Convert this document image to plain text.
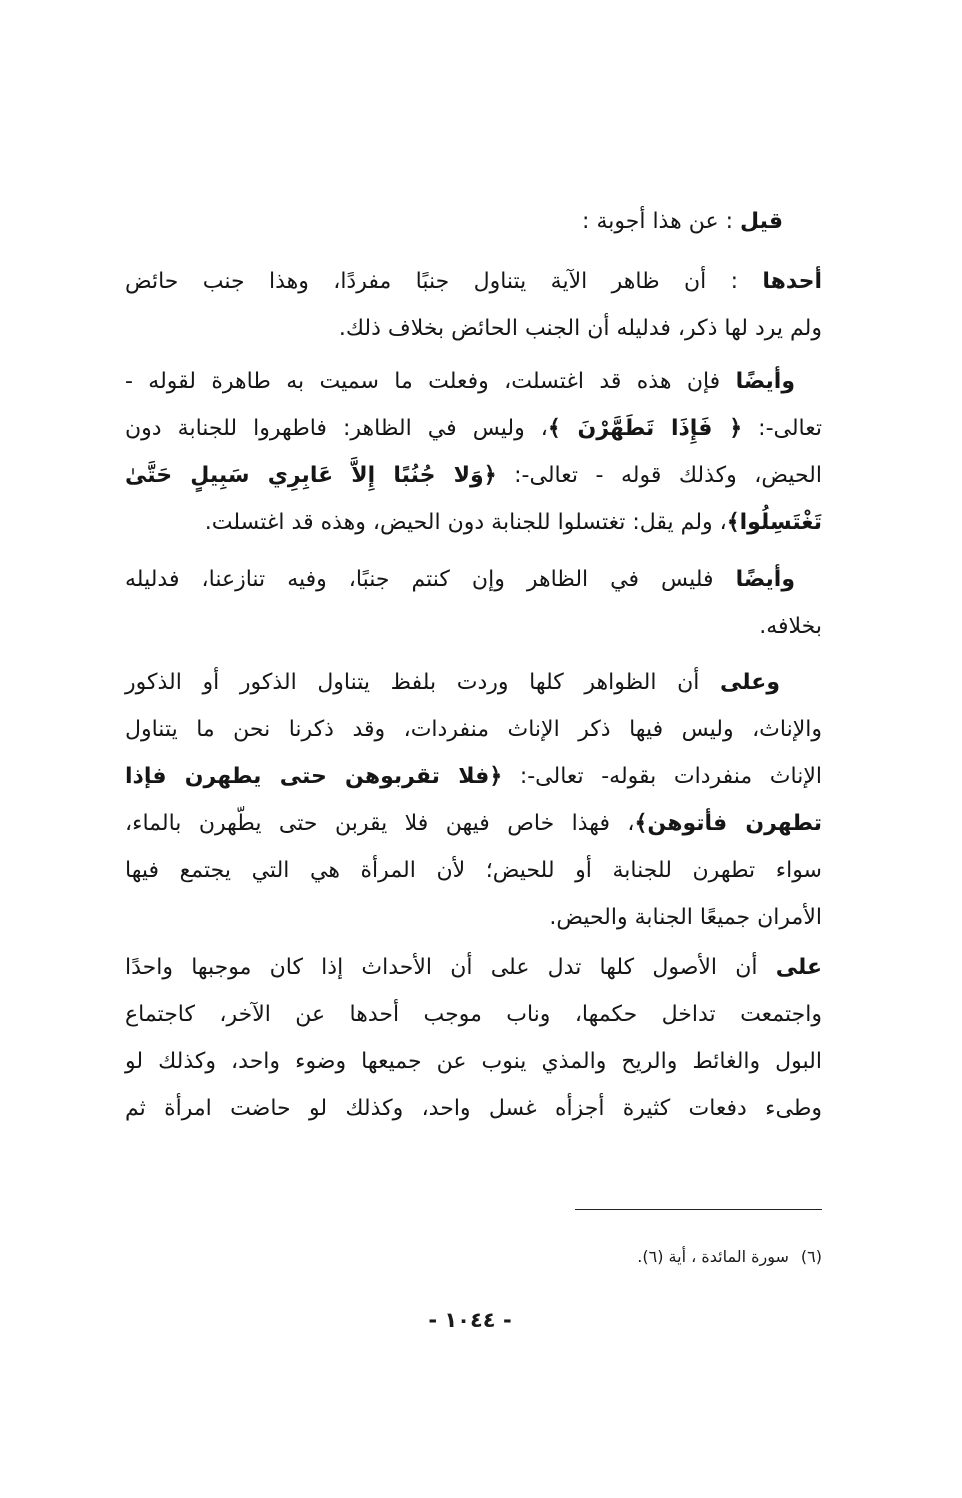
قيل : عن هذا أجوبة :
أحدها : أن ظاهر الآية يتناول جنبًا مفردًا، وهذا جنب حائض
ولم يرد لها ذكر، فدليله أن الجنب الحائض بخلاف ذلك.
وأيضًا فإن هذه قد اغتسلت، وفعلت ما سميت به طاهرة لقوله -
تعالى-: ﴿ فَإِذَا تَطَهَّرْنَ ﴾، وليس في الظاهر: فاطهروا للجنابة دون
الحيض، وكذلك قوله - تعالى-: ﴿وَلا جُنُبًا إِلاَّ عَابِرِي سَبِيلٍ حَتَّىٰ
تَغْتَسِلُوا﴾، ولم يقل: تغتسلوا للجنابة دون الحيض، وهذه قد اغتسلت.
وأيضًا فليس في الظاهر وإن كنتم جنبًا، وفيه تنازعنا، فدليله
بخلافه.
وعلى أن الظواهر كلها وردت بلفظ يتناول الذكور أو الذكور
والإناث، وليس فيها ذكر الإناث منفردات، وقد ذكرنا نحن ما يتناول
الإناث منفردات بقوله- تعالى-: ﴿فلا تقربوهن حتى يطهرن فإذا
تطهرن فأتوهن﴾، فهذا خاص فيهن فلا يقربن حتى يطّهرن بالماء،
سواء تطهرن للجنابة أو للحيض؛ لأن المرأة هي التي يجتمع فيها
الأمران جميعًا الجنابة والحيض.
على أن الأصول كلها تدل على أن الأحداث إذا كان موجبها واحدًا
واجتمعت تداخل حكمها، وناب موجب أحدها عن الآخر، كاجتماع
البول والغائط والريح والمذي ينوب عن جميعها وضوء واحد، وكذلك لو
وطىء دفعات كثيرة أجزأه غسل واحد، وكذلك لو حاضت امرأة ثم
(٦)سورة المائدة ، أية (٦).
- ١٠٤٤ -
